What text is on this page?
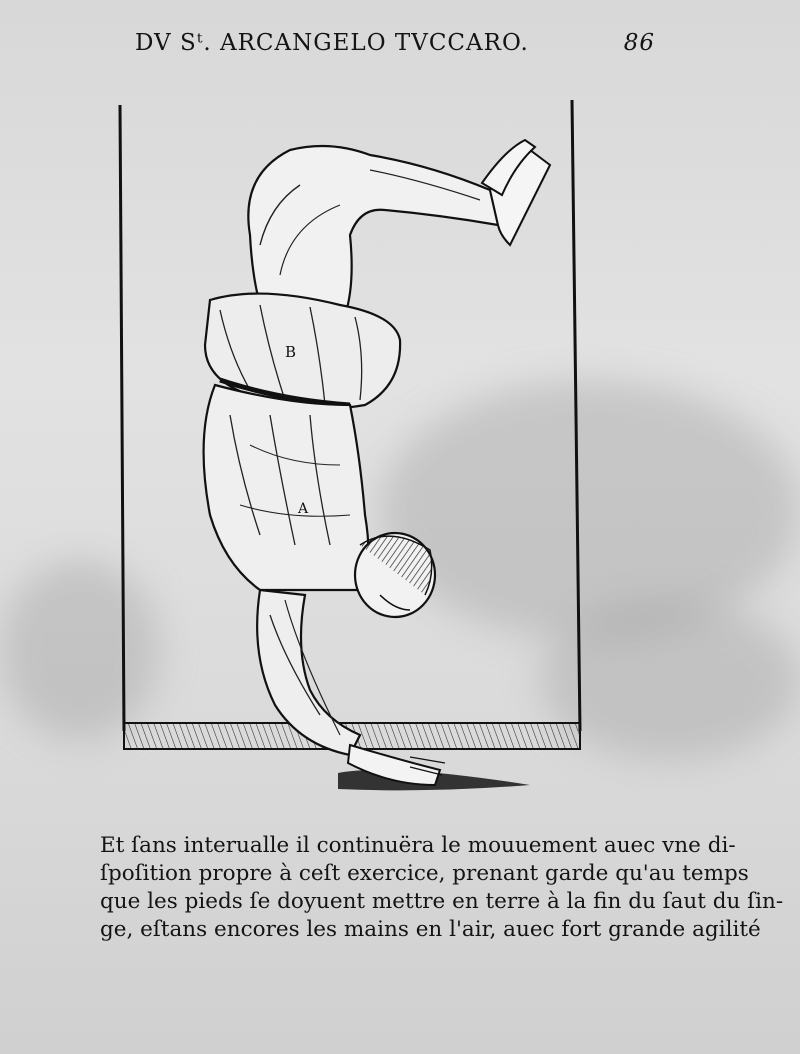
DV Sᵗ. ARCANGELO TVCCARO.	86
B
A
Et ſans interualle il continuëra le mouuement auec vne di-
ſpoſition propre à ceſt exercice, prenant garde qu'au temps
que les pieds ſe doyuent mettre en terre à la fin du ſaut du ſin-
ge, eſtans encores les mains en l'air, auec fort grande agilité
